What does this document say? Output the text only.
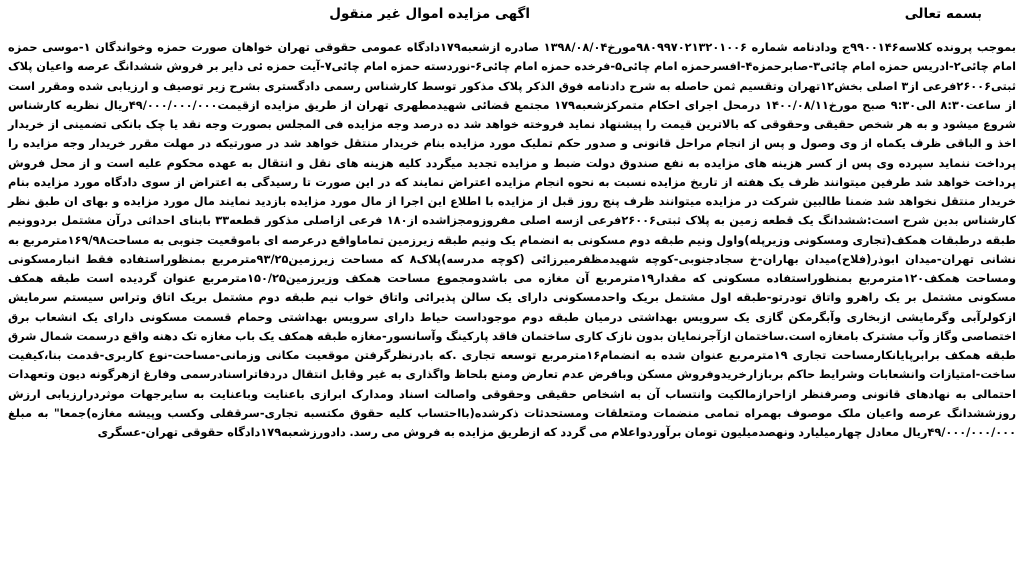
بسمه تعالی
اگهی مزایده اموال غیر منقول

بموجب پرونده کلاسه۹۹۰۰۱۴۶ج ودادنامه شماره ۹۸۰۹۹۷۰۲۱۳۲۰۱۰۰۶مورخ۱۳۹۸/۰۸/۰۴ صادره ازشعبه۱۷۹دادگاه عمومی حقوقی تهران خواهان صورت حمزه وخواندگان ۱-موسی حمزه امام چائی۲-ادریس حمزه امام چائی۳-صابرحمزه۴-افسرحمزه امام چائی۵-فرخده حمزه امام چائی۶-نوردسته حمزه امام چائی۷-آیت حمزه ئی دایر بر فروش ششدانگ عرصه واعیان پلاک ثبتی۲۶۰۰۶فرعی از۳ اصلی بخش۱۲تهران وتقسیم ثمن حاصله به شرح دادنامه فوق الذکر پلاک مذکور توسط کارشناس رسمی دادگستری بشرح زیر توصیف و ارزیابی شده ومقرر است از ساعت۸:۳۰ الی۹:۳۰ صبح مورخ۱۴۰۰/۰۸/۱۱ درمحل اجرای احکام متمرکزشعبه۱۷۹ مجتمع قضائی شهیدمطهری تهران از طریق مزایده ازقیمت۴۹/۰۰۰/۰۰۰/۰۰۰ریال نظریه کارشناس شروع میشود و به هر شخص حقیقی وحقوقی که بالاترین قیمت را پیشنهاد نماید فروخته خواهد شد ده درصد وجه مزایده فی المجلس بصورت وجه نقد یا چک بانکی تضمینی از خریدار اخذ و الباقی ظرف یکماه از وی وصول و پس از انجام مراحل قانونی و صدور حکم تملیک مورد مزایده بنام خریدار منتقل خواهد شد در صورتیکه در مهلت مقرر خریدار وجه مزایده را پرداخت ننماید سپرده وی پس از کسر هزینه های مزایده به نفع صندوق دولت ضبط و مزایده تجدید میگردد کلیه هزینه های نقل و انتقال به عهده محکوم علیه است و از محل فروش پرداخت خواهد شد طرفین میتوانند ظرف یک هفته از تاریخ مزایده نسبت به نحوه انجام مزایده اعتراض نمایند که در این صورت تا رسیدگی به اعتراض از سوی دادگاه مورد مزایده بنام خریدار منتقل نخواهد شد ضمنا طالبین شرکت در مزایده میتوانند ظرف پنج روز قبل از مزایده با اطلاع این اجرا از مال مورد مزایده بازدید نمایند مال مورد مزایده و بهای ان طبق نظر کارشناس بدین شرح است:ششدانگ یک قطعه زمین به پلاک ثبتی۲۶۰۰۶فرعی ازسه اصلی مفروزومجزاشده از۱۸۰ فرعی ازاصلی مذکور قطعه۳۳ بابنای احداثی درآن مشتمل بردوونیم طبقه درطبقات همکف(تجاری ومسکونی وزیرپله)واول ونیم طبقه دوم مسکونی به انضمام یک ونیم طبقه زیرزمین تماماواقع درعرصه ای باموقعیت جنوبی به مساحت۱۶۹/۹۸مترمربع به نشانی تهران-میدان ابوذر(فلاح)میدان بهاران-خ سجادجنوبی-کوچه شهیدمظفرمیرزائی (کوچه مدرسه)پلاک۸ که مساحت زیرزمین۹۳/۲۵مترمربع بمنظوراستفاده فقط انبارمسکونی ومساحت همکف۱۲۰مترمربع بمنظوراستفاده مسکونی که مقدار۱۹مترمربع آن مغازه می باشدومجموع مساحت همکف وزیرزمین۱۵۰/۲۵مترمربع عنوان گردیده است طبقه همکف مسکونی مشتمل بر یک راهرو واتاق تودرتو-طبقه اول مشتمل بریک واحدمسکونی دارای یک سالن پذیرائی واتاق خواب نیم طبقه دوم مشتمل بریک اتاق وتراس سیستم سرمایش ازکولرآبی وگرمایشی ازبخاری وآبگرمکن گازی یک سرویس بهداشتی درمیان طبقه دوم موجوداست حیاط دارای سرویس بهداشتی وحمام قسمت مسکونی دارای یک انشعاب برق اختصاصی وگاز وآب مشترک بامغازه است.ساختمان ازآجرنمایان بدون نازک کاری ساختمان فاقد پارکینگ وآسانسور-مغازه طبقه همکف یک باب مغازه تک دهنه واقع درسمت شمال شرق طبقه همکف برابرپایانکارمساحت تجاری ۱۹مترمربع عنوان شده به انضمام۱۶مترمربع توسعه تجاری .که بادرنظرگرفتن موقعیت مکانی وزمانی-مساحت-نوع کاربری-قدمت بنا،کیفیت ساخت-امتیازات وانشعابات وشرایط حاکم بربازارخریدوفروش مسکن وبافرض عدم تعارض ومنع بلحاظ واگذاری به غیر وقابل انتقال دردفاتراسنادرسمی وفارغ ازهرگونه دیون وتعهدات احتمالی به نهادهای قانونی وصرفنظر ازاحرازمالکیت وانتساب آن به اشخاص حقیقی وحقوقی واصالت اسناد ومدارک ابرازی باعنایت وباعنایت به سایرجهات موثردرارزیابی ارزش روزششدانگ عرصه واعیان ملک موصوف بهمراه تمامی منضمات ومتعلقات ومستحدثات ذکرشده(بااحتساب کلیه حقوق مکتسبه تجاری-سرقفلی وکسب وپیشه مغازه)جمعا" به مبلغ ۴۹/۰۰۰/۰۰۰/۰۰۰ریال معادل چهارمیلیارد ونهصدمیلیون تومان برآوردواعلام می گردد که ازطریق مزایده به فروش می رسد. دادورزشعبه۱۷۹دادگاه حقوقی تهران-عسگری
